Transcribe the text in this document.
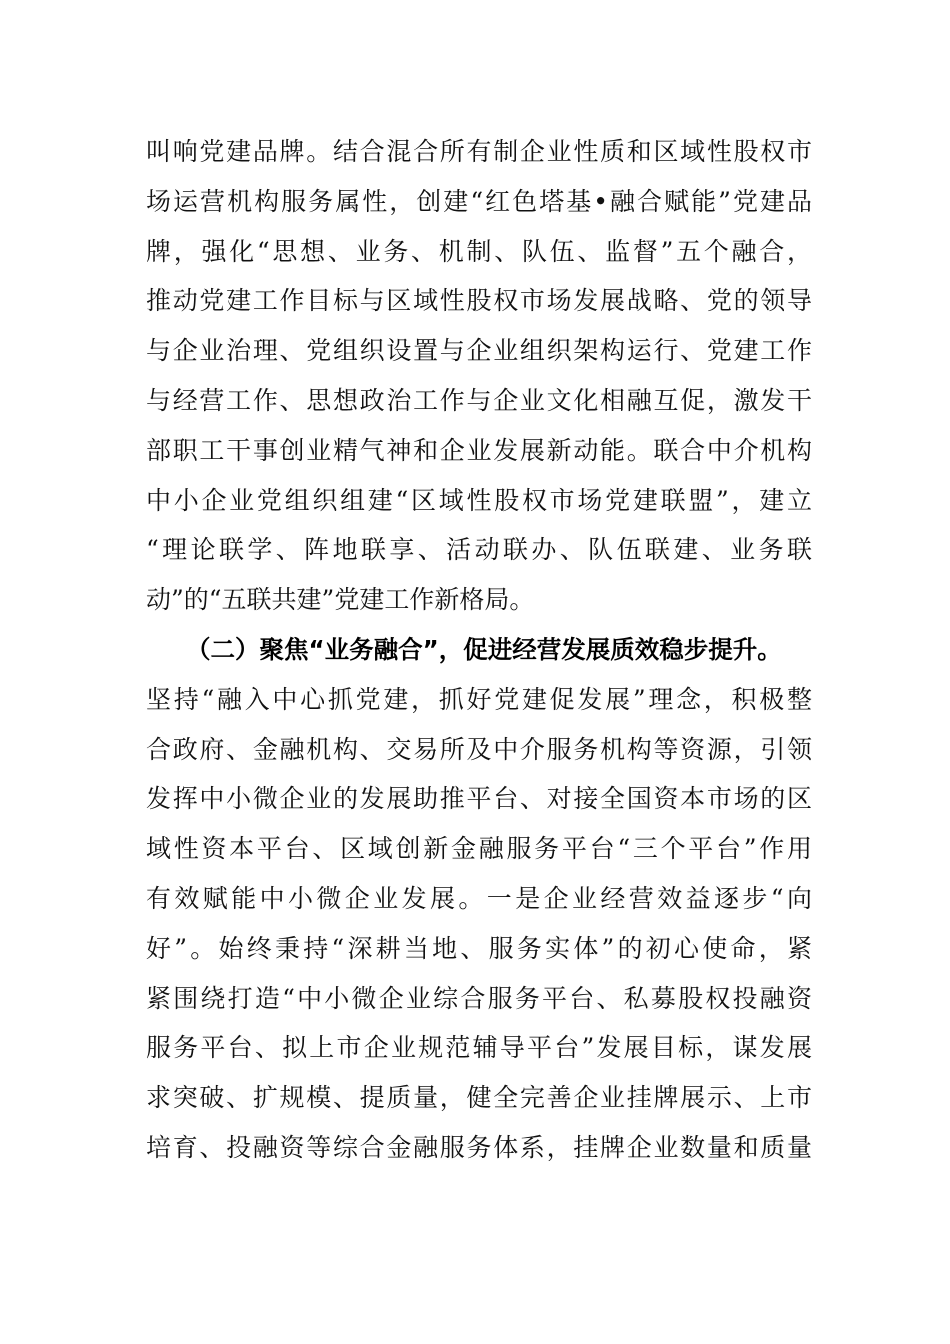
叫响党建品牌。结合混合所有制企业性质和区域性股权市
场运营机构服务属性，创建“红色塔基•融合赋能”党建品
牌，强化“思想、业务、机制、队伍、监督”五个融合，
推动党建工作目标与区域性股权市场发展战略、党的领导
与企业治理、党组织设置与企业组织架构运行、党建工作
与经营工作、思想政治工作与企业文化相融互促，激发干
部职工干事创业精气神和企业发展新动能。联合中介机构
中小企业党组织组建“区域性股权市场党建联盟”，建立
“理论联学、阵地联享、活动联办、队伍联建、业务联
动”的“五联共建”党建工作新格局。
（二）聚焦“业务融合”，促进经营发展质效稳步提升。
坚持“融入中心抓党建，抓好党建促发展”理念，积极整
合政府、金融机构、交易所及中介服务机构等资源，引领
发挥中小微企业的发展助推平台、对接全国资本市场的区
域性资本平台、区域创新金融服务平台“三个平台”作用
有效赋能中小微企业发展。一是企业经营效益逐步“向
好”。始终秉持“深耕当地、服务实体”的初心使命，紧
紧围绕打造“中小微企业综合服务平台、私募股权投融资
服务平台、拟上市企业规范辅导平台”发展目标，谋发展
求突破、扩规模、提质量，健全完善企业挂牌展示、上市
培育、投融资等综合金融服务体系，挂牌企业数量和质量
